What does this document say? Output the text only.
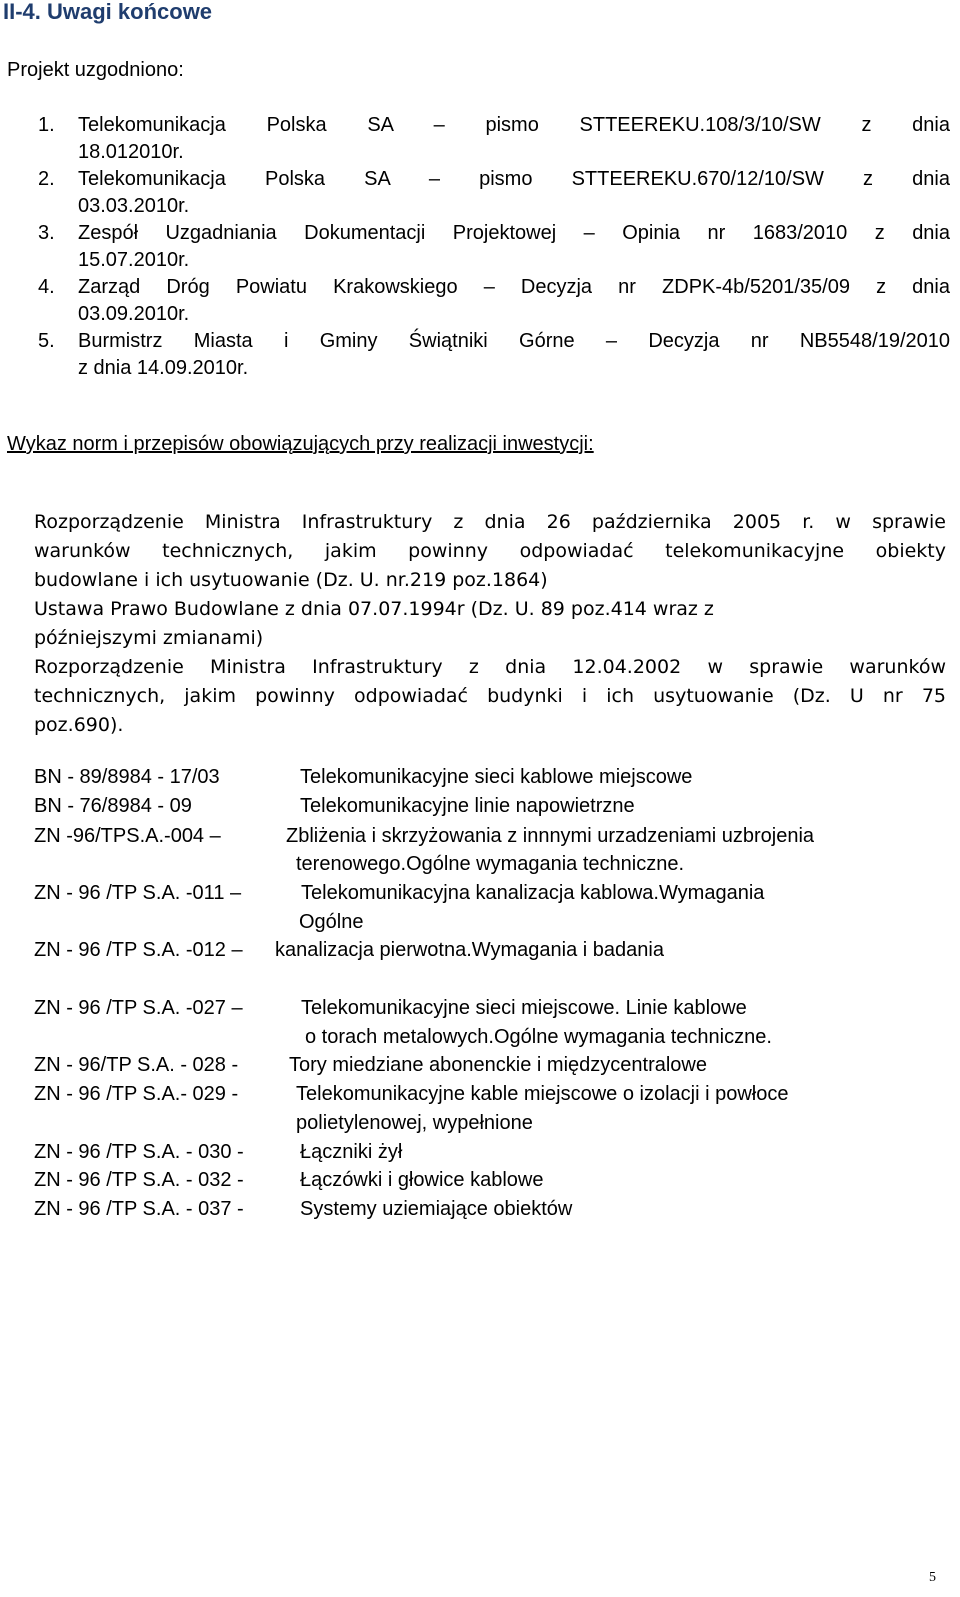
II-4. Uwagi końcowe

Projekt uzgodniono:

1.	Telekomunikacja Polska SA – pismo STTEEREKU.108/3/10/SW z dnia
18.012010r.
2.	Telekomunikacja Polska SA – pismo STTEEREKU.670/12/10/SW z dnia
03.03.2010r.
3.	Zespół Uzgadniania Dokumentacji Projektowej – Opinia nr 1683/2010 z dnia
15.07.2010r.
4.	Zarząd Dróg Powiatu Krakowskiego – Decyzja nr ZDPK-4b/5201/35/09 z dnia
03.09.2010r.
5.	Burmistrz Miasta i Gminy Świątniki Górne – Decyzja nr NB5548/19/2010
z dnia 14.09.2010r.
Wykaz norm i przepisów obowiązujących przy realizacji inwestycji:

Rozporządzenie Ministra Infrastruktury z dnia 26 października 2005 r. w sprawie
warunków technicznych, jakim powinny odpowiadać telekomunikacyjne obiekty
budowlane i ich usytuowanie (Dz. U. nr.219 poz.1864)
Ustawa Prawo Budowlane z dnia 07.07.1994r (Dz. U. 89 poz.414 wraz z
późniejszymi zmianami)
Rozporządzenie Ministra Infrastruktury z dnia 12.04.2002 w sprawie warunków
technicznych, jakim powinny odpowiadać budynki i ich usytuowanie (Dz. U nr 75
poz.690).

BN - 89/8984 - 17/03	Telekomunikacyjne sieci kablowe miejscowe
BN - 76/8984 - 09	Telekomunikacyjne linie napowietrzne
ZN -96/TPS.A.-004 –	Zbliżenia i skrzyżowania z innnymi urzadzeniami uzbrojenia
terenowego.Ogólne wymagania techniczne.
ZN - 96 /TP S.A. -011 –	Telekomunikacyjna kanalizacja kablowa.Wymagania
Ogólne
ZN - 96 /TP S.A. -012 – kanalizacja pierwotna.Wymagania i badania
ZN - 96 /TP S.A. -027 –	Telekomunikacyjne sieci miejscowe. Linie kablowe
o torach metalowych.Ogólne wymagania techniczne.
ZN - 96/TP S.A. - 028 -	Tory miedziane abonenckie i międzycentralowe
ZN - 96 /TP S.A.- 029 -	Telekomunikacyjne kable miejscowe o izolacji i powłoce
polietylenowej, wypełnione
ZN - 96 /TP S.A. - 030 -	Łączniki żył
ZN - 96 /TP S.A. - 032 -	Łączówki i głowice kablowe
ZN - 96 /TP S.A. - 037 -	Systemy uziemiające obiektów
5
